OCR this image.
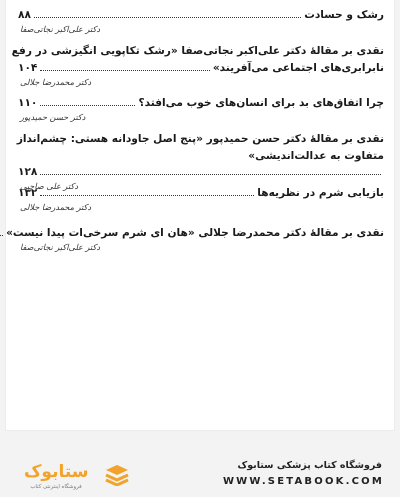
رشک و حسادت
۸۸
دکتر علی‌اکبر نجاتی‌صفا
نقدی بر مقالهٔ دکتر علی‌اکبر نجاتی‌صفا «رشک تکاپویی انگیزشی در رفع
نابرابری‌های اجتماعی می‌آفریند»
۱۰۴
دکتر محمدرضا جلالی
چرا اتفاق‌های بد برای انسان‌های خوب می‌افتد؟
۱۱۰
دکتر حسن حمیدپور
نقدی بر مقالهٔ دکتر حسن حمیدپور «پنج اصل جاودانه هستی: چشم‌انداز
متفاوت به عدالت‌اندیشی»
۱۲۸
دکتر علی صاحبی
بازیابی شرم در نظریه‌ها
۱۳۲
دکتر محمدرضا جلالی
نقدی بر مقالهٔ دکتر محمدرضا جلالی «هان ای شرم سرخی‌ات پیدا نیست»
دکتر علی‌اکبر نجاتی‌صفا
ستابوک
فروشگاه اینترنتی کتاب
فروشگاه کتاب پزشکی ستابوک
WWW.SETABOOK.COM
